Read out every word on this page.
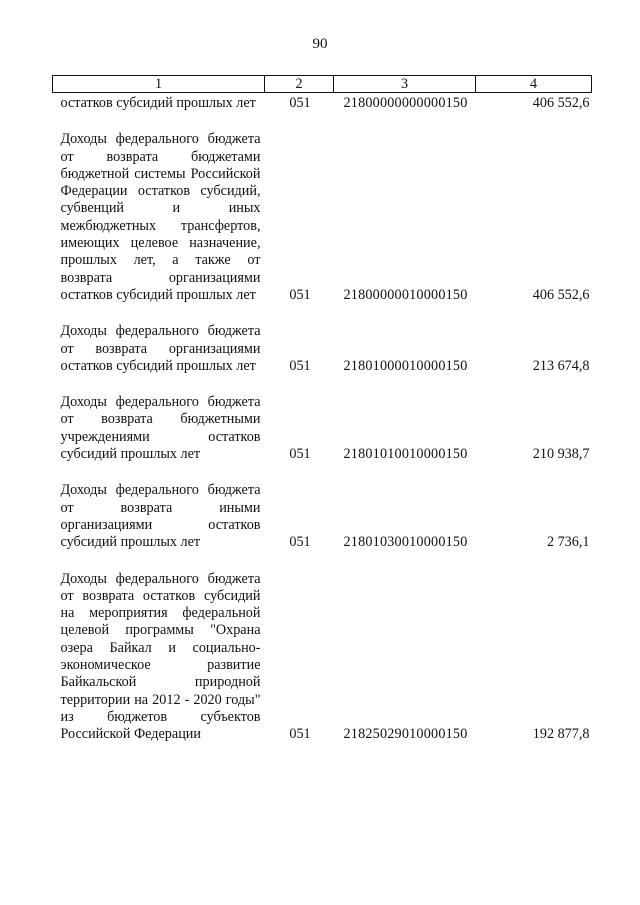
90
1	2	3	4
остатков субсидий прошлых лет	051	21800000000000150	406 552,6
Доходы федерального бюджета от возврата бюджетами бюджетной системы Российской Федерации остатков субсидий, субвенций и иных межбюджетных трансфертов, имеющих целевое назначение, прошлых лет, а также от возврата организациями остатков субсидий прошлых лет	051	21800000010000150	406 552,6
Доходы федерального бюджета от возврата организациями остатков субсидий прошлых лет	051	21801000010000150	213 674,8
Доходы федерального бюджета от возврата бюджетными учреждениями остатков субсидий прошлых лет	051	21801010010000150	210 938,7
Доходы федерального бюджета от возврата иными организациями остатков субсидий прошлых лет	051	21801030010000150	2 736,1
Доходы федерального бюджета от возврата остатков субсидий на мероприятия федеральной целевой программы "Охрана озера Байкал и социально-экономическое развитие Байкальской природной территории на 2012 - 2020 годы" из бюджетов субъектов Российской Федерации	051	21825029010000150	192 877,8
